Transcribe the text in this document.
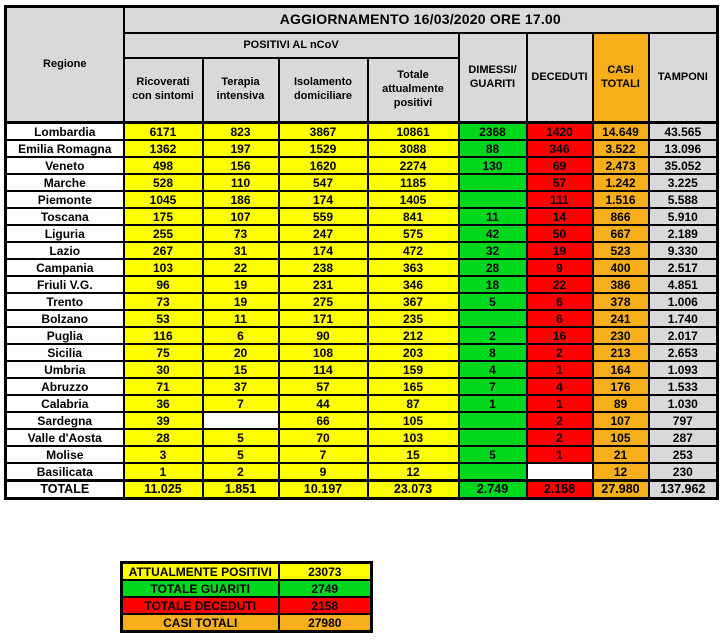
Regione	AGGIORNAMENTO 16/03/2020 ORE 17.00							
	POSITIVI AL nCoV				DIMESSI/ GUARITI	DECEDUTI	CASI TOTALI	TAMPONI
	Ricoverati con sintomi	Terapia intensiva	Isolamento domiciliare	Totale attualmente positivi				
Lombardia	6171	823	3867	10861	2368	1420	14.649	43.565
Emilia Romagna	1362	197	1529	3088	88	346	3.522	13.096
Veneto	498	156	1620	2274	130	69	2.473	35.052
Marche	528	110	547	1185		57	1.242	3.225
Piemonte	1045	186	174	1405		111	1.516	5.588
Toscana	175	107	559	841	11	14	866	5.910
Liguria	255	73	247	575	42	50	667	2.189
Lazio	267	31	174	472	32	19	523	9.330
Campania	103	22	238	363	28	9	400	2.517
Friuli V.G.	96	19	231	346	18	22	386	4.851
Trento	73	19	275	367	5	6	378	1.006
Bolzano	53	11	171	235		6	241	1.740
Puglia	116	6	90	212	2	16	230	2.017
Sicilia	75	20	108	203	8	2	213	2.653
Umbria	30	15	114	159	4	1	164	1.093
Abruzzo	71	37	57	165	7	4	176	1.533
Calabria	36	7	44	87	1	1	89	1.030
Sardegna	39		66	105		2	107	797
Valle d'Aosta	28	5	70	103		2	105	287
Molise	3	5	7	15	5	1	21	253
Basilicata	1	2	9	12			12	230
TOTALE	11.025	1.851	10.197	23.073	2.749	2.158	27.980	137.962
ATTUALMENTE POSITIVI	23073
TOTALE GUARITI	2749
TOTALE DECEDUTI	2158
CASI TOTALI	27980
